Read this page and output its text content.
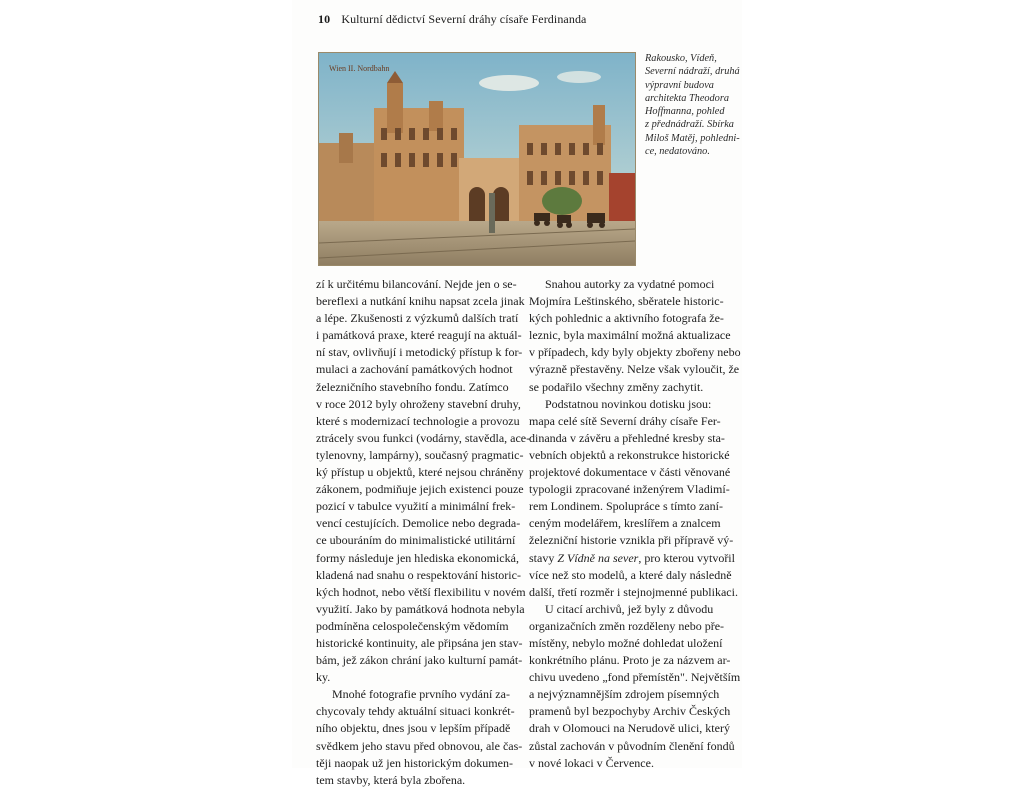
10 Kulturní dědictví Severní dráhy císaře Ferdinanda
Wien II. Nordbahn
Rakousko, Vídeň,
Severní nádraží, druhá
výpravní budova
architekta Theodora
Hoffmanna, pohled
z přednádraží. Sbírka
Miloš Matěj, pohledni-
ce, nedatováno.
zí k určitému bilancování. Nejde jen o se-
bereflexi a nutkání knihu napsat zcela jinak
a lépe. Zkušenosti z výzkumů dalších tratí
i památková praxe, které reagují na aktuál-
ní stav, ovlivňují i metodický přístup k for-
mulaci a zachování památkových hodnot
železničního stavebního fondu. Zatímco
v roce 2012 byly ohroženy stavební druhy,
které s modernizací technologie a provozu
ztrácely svou funkci (vodárny, stavědla, ace-
tylenovny, lampárny), současný pragmatic-
ký přístup u objektů, které nejsou chráněny
zákonem, podmiňuje jejich existenci pouze
pozicí v tabulce využití a minimální frek-
vencí cestujících. Demolice nebo degrada-
ce ubouráním do minimalistické utilitární
formy následuje jen hlediska ekonomická,
kladená nad snahu o respektování historic-
kých hodnot, nebo větší flexibilitu v novém
využití. Jako by památková hodnota nebyla
podmíněna celospolečenským vědomím
historické kontinuity, ale připsána jen stav-
bám, jež zákon chrání jako kulturní památ-
ky.
Mnohé fotografie prvního vydání za-
chycovaly tehdy aktuální situaci konkrét-
ního objektu, dnes jsou v lepším případě
svědkem jeho stavu před obnovou, ale čas-
těji naopak už jen historickým dokumen-
tem stavby, která byla zbořena.
Snahou autorky za vydatné pomoci
Mojmíra Leštinského, sběratele historic-
kých pohlednic a aktivního fotografa že-
leznic, byla maximální možná aktualizace
v případech, kdy byly objekty zbořeny nebo
výrazně přestavěny. Nelze však vyloučit, že
se podařilo všechny změny zachytit.
Podstatnou novinkou dotisku jsou:
mapa celé sítě Severní dráhy císaře Fer-
dinanda v závěru a přehledné kresby sta-
vebních objektů a rekonstrukce historické
projektové dokumentace v části věnované
typologii zpracované inženýrem Vladimí-
rem Londinem. Spolupráce s tímto zaní-
ceným modelářem, kreslířem a znalcem
železniční historie vznikla při přípravě vý-
stavy Z Vídně na sever, pro kterou vytvořil
více než sto modelů, a které daly následně
další, třetí rozměr i stejnojmenné publikaci.
U citací archivů, jež byly z důvodu
organizačních změn rozděleny nebo pře-
místěny, nebylo možné dohledat uložení
konkrétního plánu. Proto je za názvem ar-
chivu uvedeno „fond přemístěn". Největším
a nejvýznamnějším zdrojem písemných
pramenů byl bezpochyby Archiv Českých
drah v Olomouci na Nerudově ulici, který
zůstal zachován v původním členění fondů
v nové lokaci v Července.
